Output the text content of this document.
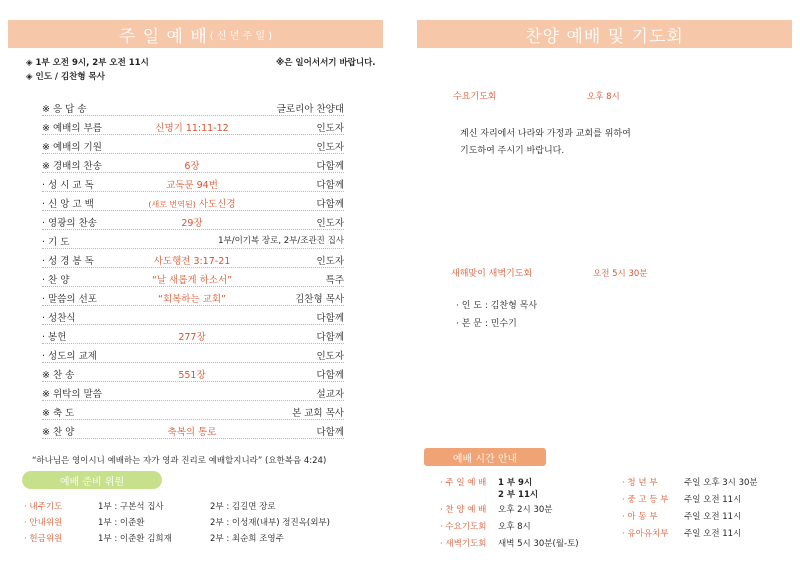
주 일 예 배 ( 신 년 주 일 )
◈ 1부 오전 9시, 2부 오전 11시	※은 일어서서기 바랍니다.
◈ 인도 / 김찬형 목사
※ 응 답 송	글로리아 찬양대
※ 예배의 부름	신명기 11:11-12	인도자
※ 예배의 기원	인도자
※ 경배의 찬송	6장	다함께
· 성 시 교 독	교독문 94번	다함께
· 신 앙 고 백	(새로 번역된) 사도신경	다함께
· 영광의 찬송	29장	인도자
· 기 도	1부/이기복 장로, 2부/조관진 집사
· 성 경 봉 독	사도행전 3:17-21	인도자
· 찬 양	“날 새롭게 하소서”	특주
· 말씀의 선포	“회복하는 교회”	김찬형 목사
· 성찬식	다함께
· 봉헌	277장	다함께
· 성도의 교제	인도자
※ 찬 송	551장	다함께
※ 위탁의 말씀	설교자
※ 축 도	본 교회 목사
※ 찬 양	축복의 통로	다함께
“하나님은 영이시니 예배하는 자가 영과 진리로 예배할지니라” (요한복음 4:24)
예배 준비 위원
· 내주기도	1부 : 구본석 집사	2부 : 김길면 장로
· 안내위원	1부 : 이준환	2부 : 이성재(내부) 정진옥(외부)
· 헌금위원	1부 : 이준환 김희재	2부 : 최순희 조영주
찬양 예배 및 기도회
수요기도회	오후 8시
계신 자리에서 나라와 가정과 교회를 위하여
기도하여 주시기 바랍니다.
새해맞이 새벽기도회	오전 5시 30분
· 인 도 : 김찬형 목사
· 본 문 : 민수기
예배 시간 안내
· 주 일 예 배 1 부 9시
2 부 11시
· 찬 양 예 배 오후 2시 30분
· 수요기도회 오후 8시
· 새벽기도회 새벽 5시 30분(월-토)
· 청 년 부	주일 오후 3시 30분
· 중 고 등 부 주일 오전 11시
· 아 동 부	주일 오전 11시
· 유아유치부 주일 오전 11시
